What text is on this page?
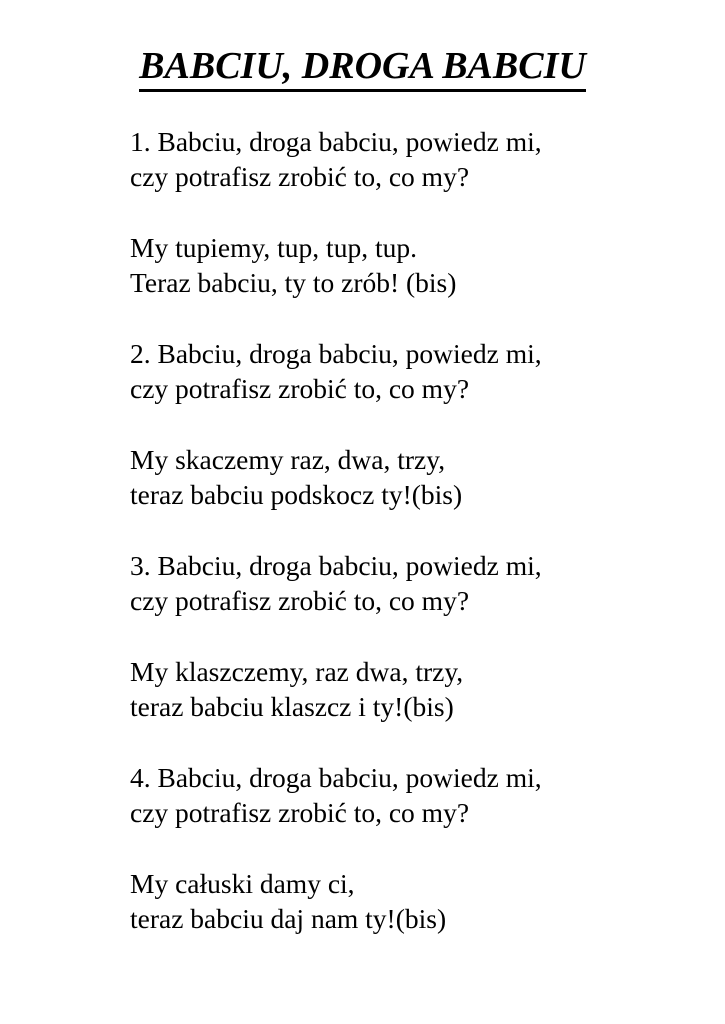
BABCIU, DROGA BABCIU
1. Babciu, droga babciu, powiedz mi,
czy potrafisz zrobić to, co my?
My tupiemy, tup, tup, tup.
Teraz babciu, ty to zrób! (bis)
2. Babciu, droga babciu, powiedz mi,
czy potrafisz zrobić to, co my?
My skaczemy raz, dwa, trzy,
teraz babciu podskocz ty!(bis)
3. Babciu, droga babciu, powiedz mi,
czy potrafisz zrobić to, co my?
My klaszczemy, raz dwa, trzy,
teraz babciu klaszcz i ty!(bis)
4. Babciu, droga babciu, powiedz mi,
czy potrafisz zrobić to, co my?
My całuski damy ci,
teraz babciu daj nam ty!(bis)
